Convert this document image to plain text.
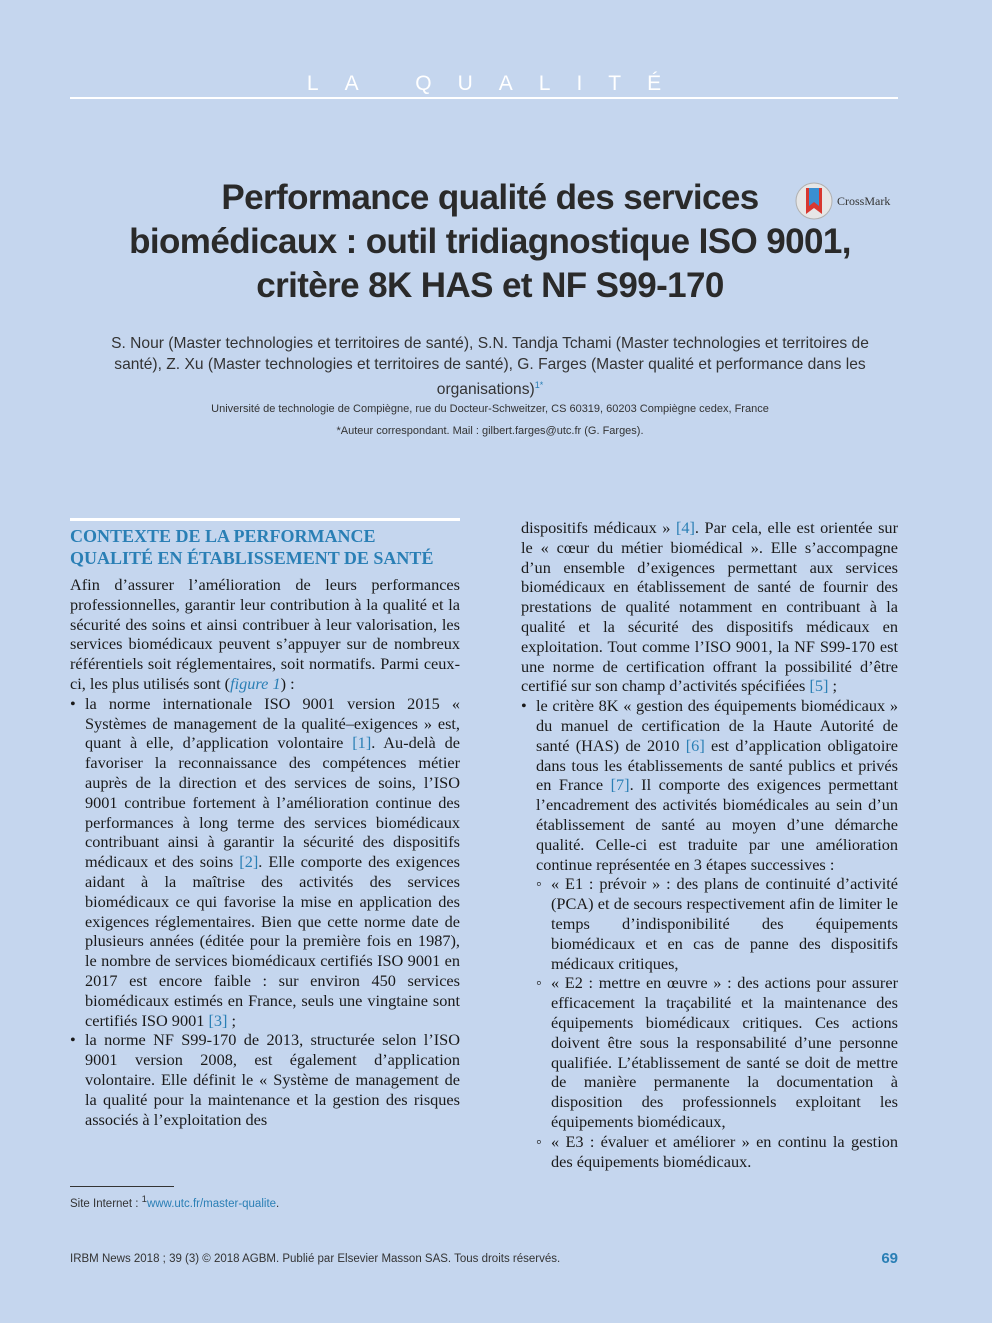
LA QUALITÉ
Performance qualité des services biomédicaux : outil tridiagnostique ISO 9001, critère 8K HAS et NF S99-170
CrossMark
S. Nour (Master technologies et territoires de santé), S.N. Tandja Tchami (Master technologies et territoires de santé), Z. Xu (Master technologies et territoires de santé), G. Farges (Master qualité et performance dans les organisations)$^{1*}$
Université de technologie de Compiègne, rue du Docteur-Schweitzer, CS 60319, 60203 Compiègne cedex, France
*Auteur correspondant. Mail : gilbert.farges@utc.fr (G. Farges).
CONTEXTE DE LA PERFORMANCE
QUALITÉ EN ÉTABLISSEMENT DE SANTÉ

Afin d’assurer l’amélioration de leurs performances professionnelles, garantir leur contribution à la qualité et la sécurité des soins et ainsi contribuer à leur valorisation, les services biomédicaux peuvent s’appuyer sur de nombreux référentiels soit réglementaires, soit normatifs. Parmi ceux-ci, les plus utilisés sont (figure 1) :

• la norme internationale ISO 9001 version 2015 « Systèmes de management de la qualité–exigences » est, quant à elle, d’application volontaire [1]. Au-delà de favoriser la reconnaissance des compétences métier auprès de la direction et des services de soins, l’ISO 9001 contribue fortement à l’amélioration continue des performances à long terme des services biomédicaux contribuant ainsi à garantir la sécurité des dispositifs médicaux et des soins [2]. Elle comporte des exigences aidant à la maîtrise des activités des services biomédicaux ce qui favorise la mise en application des exigences réglementaires. Bien que cette norme date de plusieurs années (éditée pour la première fois en 1987), le nombre de services biomédicaux certifiés ISO 9001 en 2017 est encore faible : sur environ 450 services biomédicaux estimés en France, seuls une vingtaine sont certifiés ISO 9001 [3] ;
• la norme NF S99-170 de 2013, structurée selon l’ISO 9001 version 2008, est également d’application volontaire. Elle définit le « Système de management de la qualité pour la maintenance et la gestion des risques associés à l’exploitation des

dispositifs médicaux » [4]. Par cela, elle est orientée sur le « cœur du métier biomédical ». Elle s’accompagne d’un ensemble d’exigences permettant aux services biomédicaux en établissement de santé de fournir des prestations de qualité notamment en contribuant à la qualité et la sécurité des dispositifs médicaux en exploitation. Tout comme l’ISO 9001, la NF S99-170 est une norme de certification offrant la possibilité d’être certifié sur son champ d’activités spécifiées [5] ;

• le critère 8K « gestion des équipements biomédicaux » du manuel de certification de la Haute Autorité de santé (HAS) de 2010 [6] est d’application obligatoire dans tous les établissements de santé publics et privés en France [7]. Il comporte des exigences permettant l’encadrement des activités biomédicales au sein d’un établissement de santé au moyen d’une démarche qualité. Celle-ci est traduite par une amélioration continue représentée en 3 étapes successives :
◦ « E1 : prévoir » : des plans de continuité d’activité (PCA) et de secours respectivement afin de limiter le temps d’indisponibilité des équipements biomédicaux et en cas de panne des dispositifs médicaux critiques,
◦ « E2 : mettre en œuvre » : des actions pour assurer efficacement la traçabilité et la maintenance des équipements biomédicaux critiques. Ces actions doivent être sous la responsabilité d’une personne qualifiée. L’établissement de santé se doit de mettre de manière permanente la documentation à disposition des professionnels exploitant les équipements biomédicaux,
◦ « E3 : évaluer et améliorer » en continu la gestion des équipements biomédicaux.
Site Internet : $^1$www.utc.fr/master-qualite.
IRBM News 2018 ; 39 (3) © 2018 AGBM. Publié par Elsevier Masson SAS. Tous droits réservés.	69
